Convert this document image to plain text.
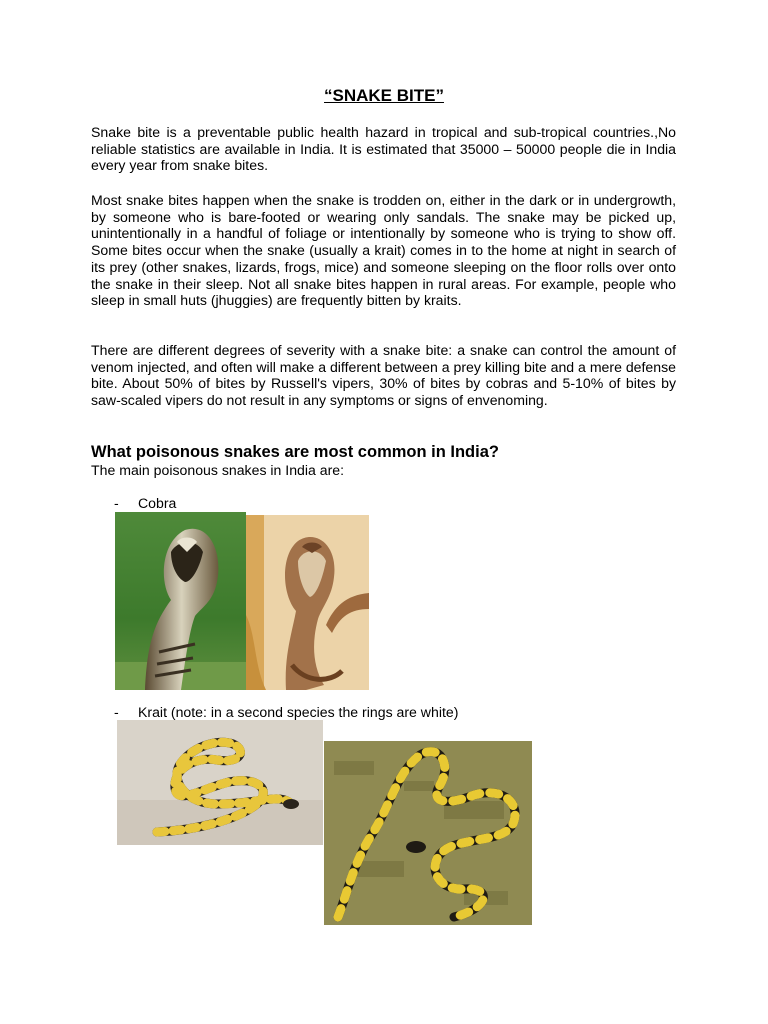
“SNAKE BITE”

Snake bite is a preventable public health hazard in tropical and sub-tropical countries.,No reliable statistics are available in India. It is estimated that 35000 – 50000 people die in India every year from snake bites.

Most snake bites happen when the snake is trodden on, either in the dark or in undergrowth, by someone who is bare-footed or wearing only sandals. The snake may be picked up, unintentionally in a handful of foliage or intentionally by someone who is trying to show off. Some bites occur when the snake (usually a krait) comes in to the home at night in search of its prey (other snakes, lizards, frogs, mice) and someone sleeping on the floor rolls over onto the snake in their sleep. Not all snake bites happen in rural areas. For example, people who sleep in small huts (jhuggies) are frequently bitten by kraits.

There are different degrees of severity with a snake bite: a snake can control the amount of venom injected, and often will make a different between a prey killing bite and a mere defense bite. About 50% of bites by Russell's vipers, 30% of bites by cobras and 5-10% of bites by saw-scaled vipers do not result in any symptoms or signs of envenoming.

What poisonous snakes are most common in India?

The main poisonous snakes in India are:

- Cobra
- Krait (note: in a second species the rings are white)
